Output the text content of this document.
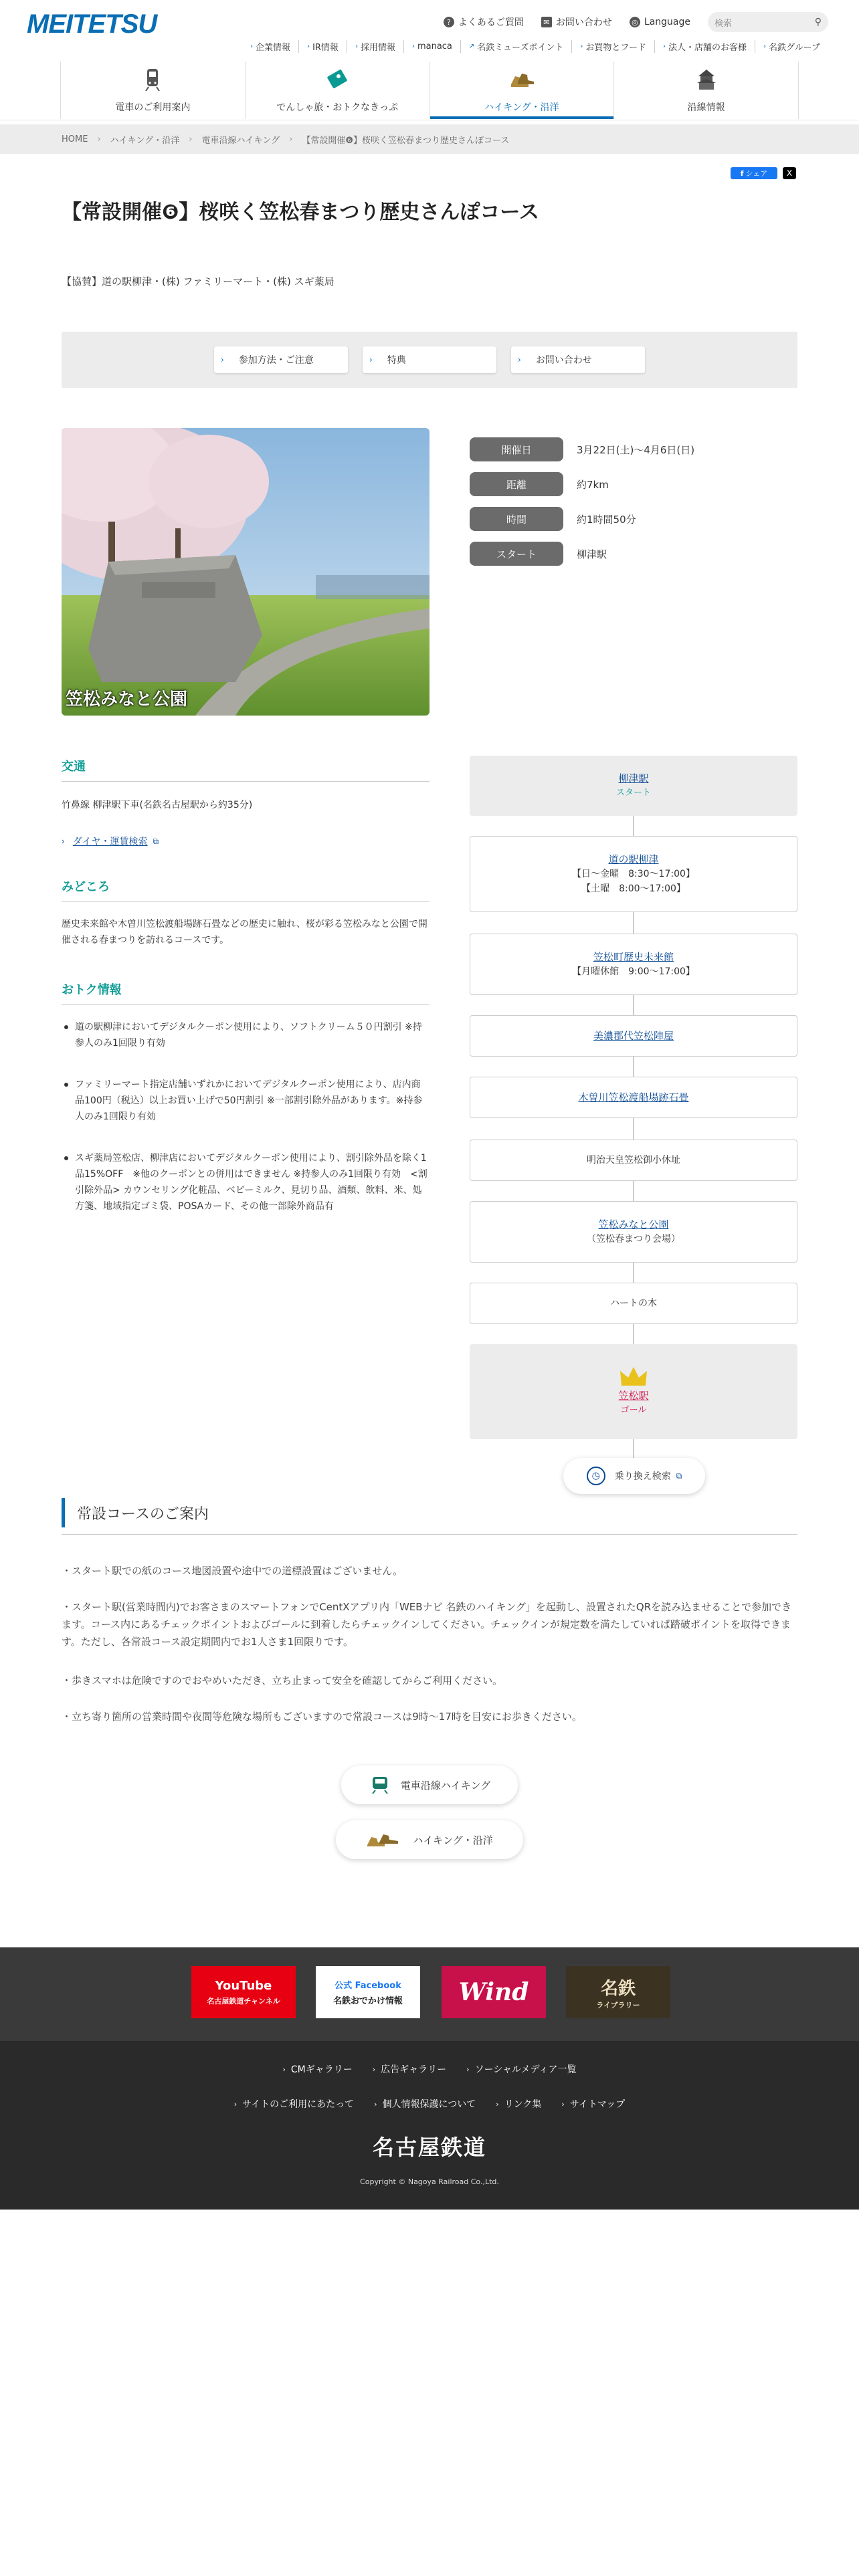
MEITETSU	? よくあるご質問	✉ お問い合わせ	◎ Language	検索	⚲
› 企業情報	› IR情報	› 採用情報	› manaca	↗ 名鉄ミューズポイント	› お買物とフード	› 法人・店舗のお客様	› 名鉄グループ
電車のご利用案内	でんしゃ旅・おトクなきっぷ	ハイキング・沿洋	沿線情報
HOME › ハイキング・沿洋 › 電車沿線ハイキング › 【常設開催❻】桜咲く笠松春まつり歴史さんぽコース
f シェア X
【常設開催❻】桜咲く笠松春まつり歴史さんぽコース
【協賛】道の駅柳津・(株) ファミリーマート・(株) スギ薬局
› 参加方法・ご注意	› 特典	› お問い合わせ
笠松みなと公園
開催日	3月22日(土)〜4月6日(日)
距離	約7km
時間	約1時間50分
スタート	柳津駅
交通
竹鼻線 柳津駅下車(名鉄名古屋駅から約35分)
› ダイヤ・運賃検索 ⧉
みどころ
歴史未来館や木曽川笠松渡船場跡石畳などの歴史に触れ、桜が彩る笠松みなと公園で開催される春まつりを訪れるコースです。
おトク情報
道の駅柳津においてデジタルクーポン使用により、ソフトクリーム５０円割引 ※持参人のみ1回限り有効
ファミリーマート指定店舗いずれかにおいてデジタルクーポン使用により、店内商品100円（税込）以上お買い上げで50円割引 ※一部割引除外品があります。※持参人のみ1回限り有効
スギ薬局笠松店、柳津店においてデジタルクーポン使用により、割引除外品を除く1品15%OFF　※他のクーポンとの併用はできません ※持参人のみ1回限り有効　<割引除外品> カウンセリング化粧品、ベビーミルク、見切り品、酒類、飲料、米、処方箋、地域指定ゴミ袋、POSAカード、その他一部除外商品有
柳津駅
スタート
道の駅柳津
【日〜金曜　8:30〜17:00】
【土曜　8:00〜17:00】
笠松町歴史未来館
【月曜休館　9:00〜17:00】
美濃郡代笠松陣屋
木曽川笠松渡船場跡石畳
明治天皇笠松御小休址
笠松みなと公園
（笠松春まつり会場）
ハートの木
笠松駅
ゴール
◷	乗り換え検索 ⧉
常設コースのご案内
・スタート駅での紙のコース地図設置や途中での道標設置はございません。
・スタート駅(営業時間内)でお客さまのスマートフォンでCentXアプリ内「WEBナビ 名鉄のハイキング」を起動し、設置されたQRを読み込ませることで参加できます。コース内にあるチェックポイントおよびゴールに到着したらチェックインしてください。チェックインが規定数を満たしていれば踏破ポイントを取得できます。ただし、各常設コース設定期間内でお1人さま1回限りです。
・歩きスマホは危険ですのでおやめいただき、立ち止まって安全を確認してからご利用ください。
・立ち寄り箇所の営業時間や夜間等危険な場所もございますので常設コースは9時〜17時を目安にお歩きください。
電車沿線ハイキング
ハイキング・沿洋
YouTube
名古屋鉄道チャンネル
公式 Facebook
名鉄おでかけ情報 Wind	名鉄
ライブラリー
› CMギャラリー	› 広告ギャラリー	› ソーシャルメディア一覧
› サイトのご利用にあたって	› 個人情報保護について	› リンク集	› サイトマップ
名古屋鉄道
Copyright © Nagoya Railroad Co.,Ltd.
